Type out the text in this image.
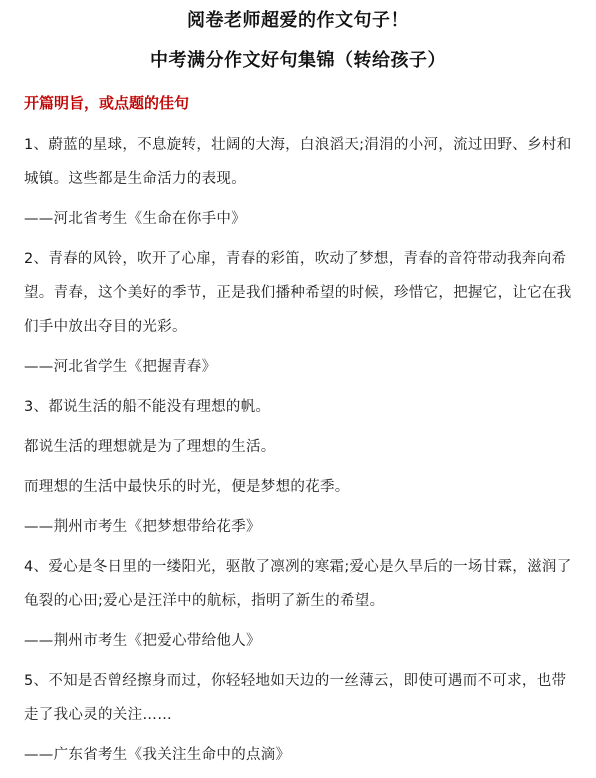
阅卷老师超爱的作文句子！
中考满分作文好句集锦（转给孩子）

开篇明旨，或点题的佳句

1、蔚蓝的星球，不息旋转，壮阔的大海，白浪滔天;涓涓的小河，流过田野、乡村和城镇。这些都是生命活力的表现。

——河北省考生《生命在你手中》

2、青春的风铃，吹开了心扉，青春的彩笛，吹动了梦想，青春的音符带动我奔向希望。青春，这个美好的季节，正是我们播种希望的时候，珍惜它，把握它，让它在我们手中放出夺目的光彩。

——河北省学生《把握青春》

3、都说生活的船不能没有理想的帆。

都说生活的理想就是为了理想的生活。

而理想的生活中最快乐的时光，便是梦想的花季。

——荆州市考生《把梦想带给花季》

4、爱心是冬日里的一缕阳光，驱散了凛冽的寒霜;爱心是久旱后的一场甘霖，滋润了龟裂的心田;爱心是汪洋中的航标，指明了新生的希望。

——荆州市考生《把爱心带给他人》

5、不知是否曾经擦身而过，你轻轻地如天边的一丝薄云，即使可遇而不可求，也带走了我心灵的关注……

——广东省考生《我关注生命中的点滴》
